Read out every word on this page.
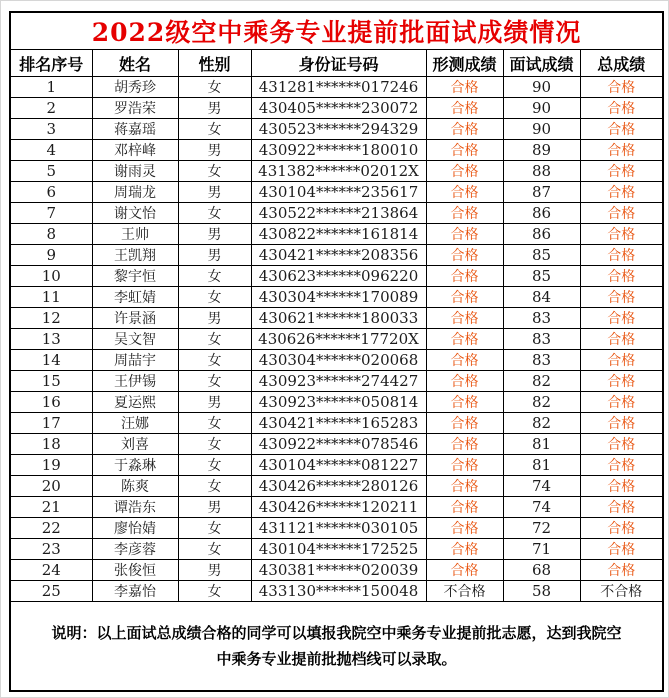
2022级空中乘务专业提前批面试成绩情况						
排名序号	姓名	性别	身份证号码	形测成绩	面试成绩	总成绩
1	胡秀珍	女	431281******017246	合格	90	合格
2	罗浩荣	男	430405******230072	合格	90	合格
3	蒋嘉瑶	女	430523******294329	合格	90	合格
4	邓梓峰	男	430922******180010	合格	89	合格
5	谢雨灵	女	431382******02012X	合格	88	合格
6	周瑞龙	男	430104******235617	合格	87	合格
7	谢文怡	女	430522******213864	合格	86	合格
8	王帅	男	430822******161814	合格	86	合格
9	王凯翔	男	430421******208356	合格	85	合格
10	黎宇恒	女	430623******096220	合格	85	合格
11	李虹婧	女	430304******170089	合格	84	合格
12	许景涵	男	430621******180033	合格	83	合格
13	吴文智	女	430626******17720X	合格	83	合格
14	周喆宇	女	430304******020068	合格	83	合格
15	王伊锡	女	430923******274427	合格	82	合格
16	夏运熙	男	430923******050814	合格	82	合格
17	汪娜	女	430421******165283	合格	82	合格
18	刘喜	女	430922******078546	合格	81	合格
19	于淼琳	女	430104******081227	合格	81	合格
20	陈爽	女	430426******280126	合格	74	合格
21	谭浩东	男	430426******120211	合格	74	合格
22	廖怡婧	女	431121******030105	合格	72	合格
23	李彦蓉	女	430104******172525	合格	71	合格
24	张俊恒	男	430381******020039	合格	68	合格
25	李嘉怡	女	433130******150048	不合格	58	不合格
说明：以上面试总成绩合格的同学可以填报我院空中乘务专业提前批志愿，达到我院空中乘务专业提前批抛档线可以录取。						
